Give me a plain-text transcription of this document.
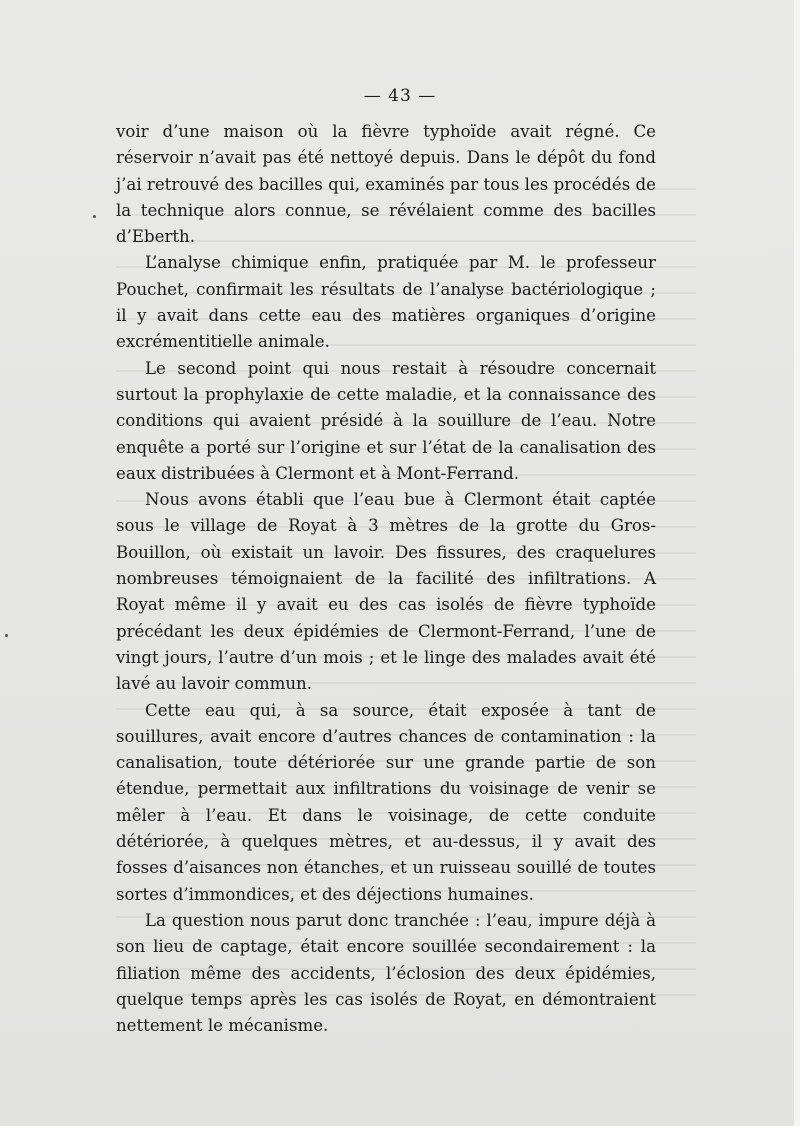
— 43 —

voir d’une maison où la fièvre typhoïde avait régné. Ce réservoir n’avait pas été nettoyé depuis. Dans le dépôt du fond j’ai retrouvé des bacilles qui, examinés par tous les procédés de la technique alors connue, se révélaient comme des bacilles d’Eberth.

L’analyse chimique enfin, pratiquée par M. le professeur Pouchet, confirmait les résultats de l’analyse bactériologique ; il y avait dans cette eau des matières organiques d’origine excrémentitielle animale.

Le second point qui nous restait à résoudre concernait surtout la prophylaxie de cette maladie, et la connaissance des conditions qui avaient présidé à la souillure de l’eau. Notre enquête a porté sur l’origine et sur l’état de la canalisation des eaux distribuées à Clermont et à Mont-Ferrand.

Nous avons établi que l’eau bue à Clermont était captée sous le village de Royat à 3 mètres de la grotte du Gros-Bouillon, où existait un lavoir. Des fissures, des craquelures nombreuses témoignaient de la facilité des infiltrations. A Royat même il y avait eu des cas isolés de fièvre typhoïde précédant les deux épidémies de Clermont-Ferrand, l’une de vingt jours, l’autre d’un mois ; et le linge des malades avait été lavé au lavoir commun.

Cette eau qui, à sa source, était exposée à tant de souillures, avait encore d’autres chances de contamination : la canalisation, toute détériorée sur une grande partie de son étendue, permettait aux infiltrations du voisinage de venir se mêler à l’eau. Et dans le voisinage, de cette conduite détériorée, à quelques mètres, et au-dessus, il y avait des fosses d’aisances non étanches, et un ruisseau souillé de toutes sortes d’immondices, et des déjections humaines.

La question nous parut donc tranchée : l’eau, impure déjà à son lieu de captage, était encore souillée secondairement : la filiation même des accidents, l’éclosion des deux épidémies, quelque temps après les cas isolés de Royat, en démontraient nettement le mécanisme.
